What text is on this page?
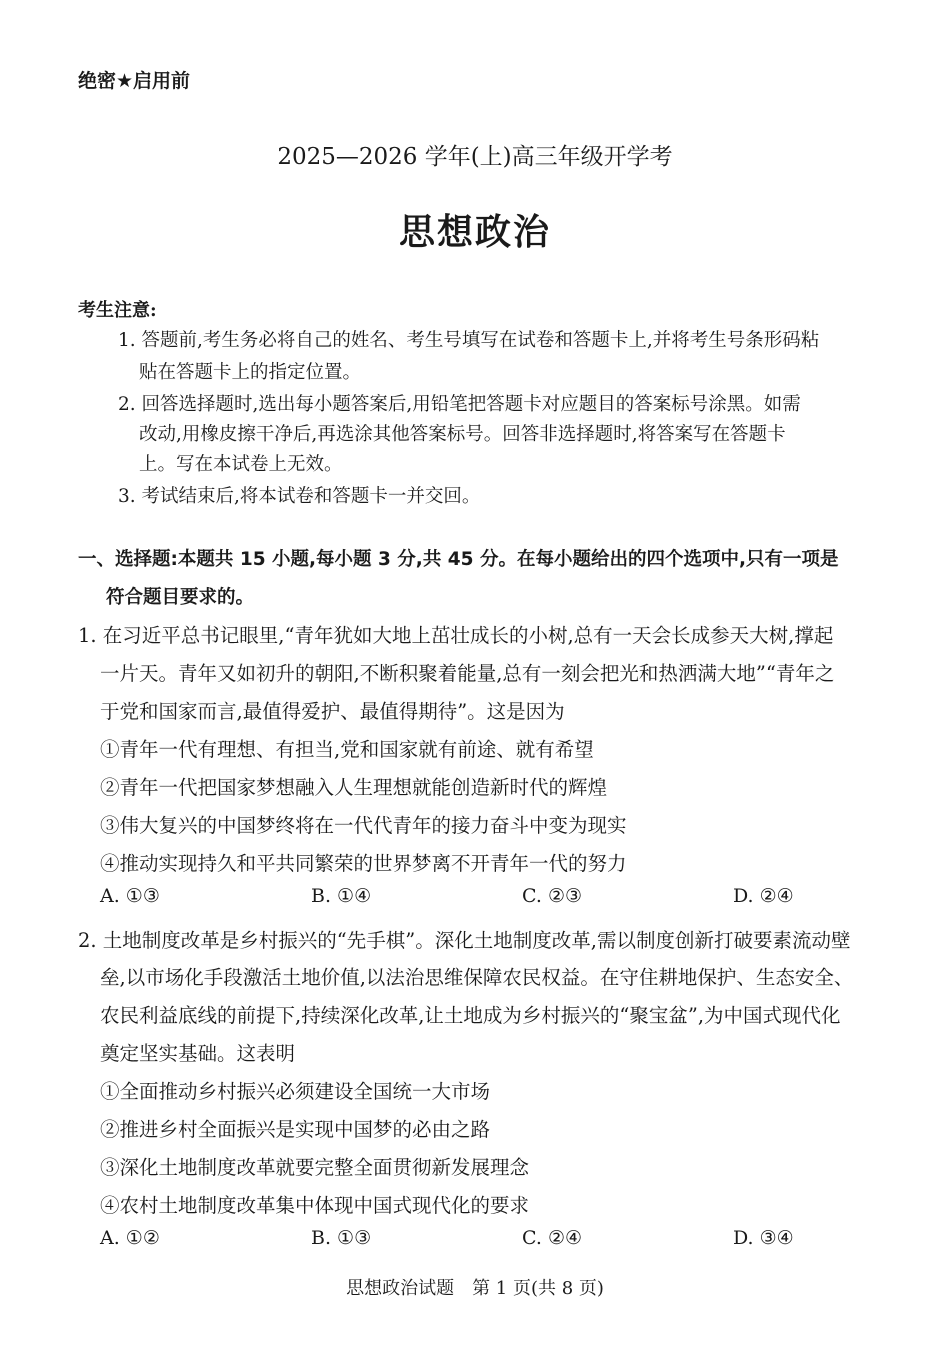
绝密★启用前
2025—2026 学年(上)高三年级开学考
思想政治
考生注意:
1. 答题前,考生务必将自己的姓名、考生号填写在试卷和答题卡上,并将考生号条形码粘
贴在答题卡上的指定位置。
2. 回答选择题时,选出每小题答案后,用铅笔把答题卡对应题目的答案标号涂黑。如需
改动,用橡皮擦干净后,再选涂其他答案标号。回答非选择题时,将答案写在答题卡
上。写在本试卷上无效。
3. 考试结束后,将本试卷和答题卡一并交回。
一、选择题:本题共 15 小题,每小题 3 分,共 45 分。在每小题给出的四个选项中,只有一项是
符合题目要求的。
1. 在习近平总书记眼里,“青年犹如大地上茁壮成长的小树,总有一天会长成参天大树,撑起
一片天。青年又如初升的朝阳,不断积聚着能量,总有一刻会把光和热洒满大地”“青年之
于党和国家而言,最值得爱护、最值得期待”。这是因为
①青年一代有理想、有担当,党和国家就有前途、就有希望
②青年一代把国家梦想融入人生理想就能创造新时代的辉煌
③伟大复兴的中国梦终将在一代代青年的接力奋斗中变为现实
④推动实现持久和平共同繁荣的世界梦离不开青年一代的努力
A. ①③	B. ①④	C. ②③	D. ②④
2. 土地制度改革是乡村振兴的“先手棋”。深化土地制度改革,需以制度创新打破要素流动壁
垒,以市场化手段激活土地价值,以法治思维保障农民权益。在守住耕地保护、生态安全、
农民利益底线的前提下,持续深化改革,让土地成为乡村振兴的“聚宝盆”,为中国式现代化
奠定坚实基础。这表明
①全面推动乡村振兴必须建设全国统一大市场
②推进乡村全面振兴是实现中国梦的必由之路
③深化土地制度改革就要完整全面贯彻新发展理念
④农村土地制度改革集中体现中国式现代化的要求
A. ①②	B. ①③	C. ②④	D. ③④
思想政治试题　第 1 页(共 8 页)
